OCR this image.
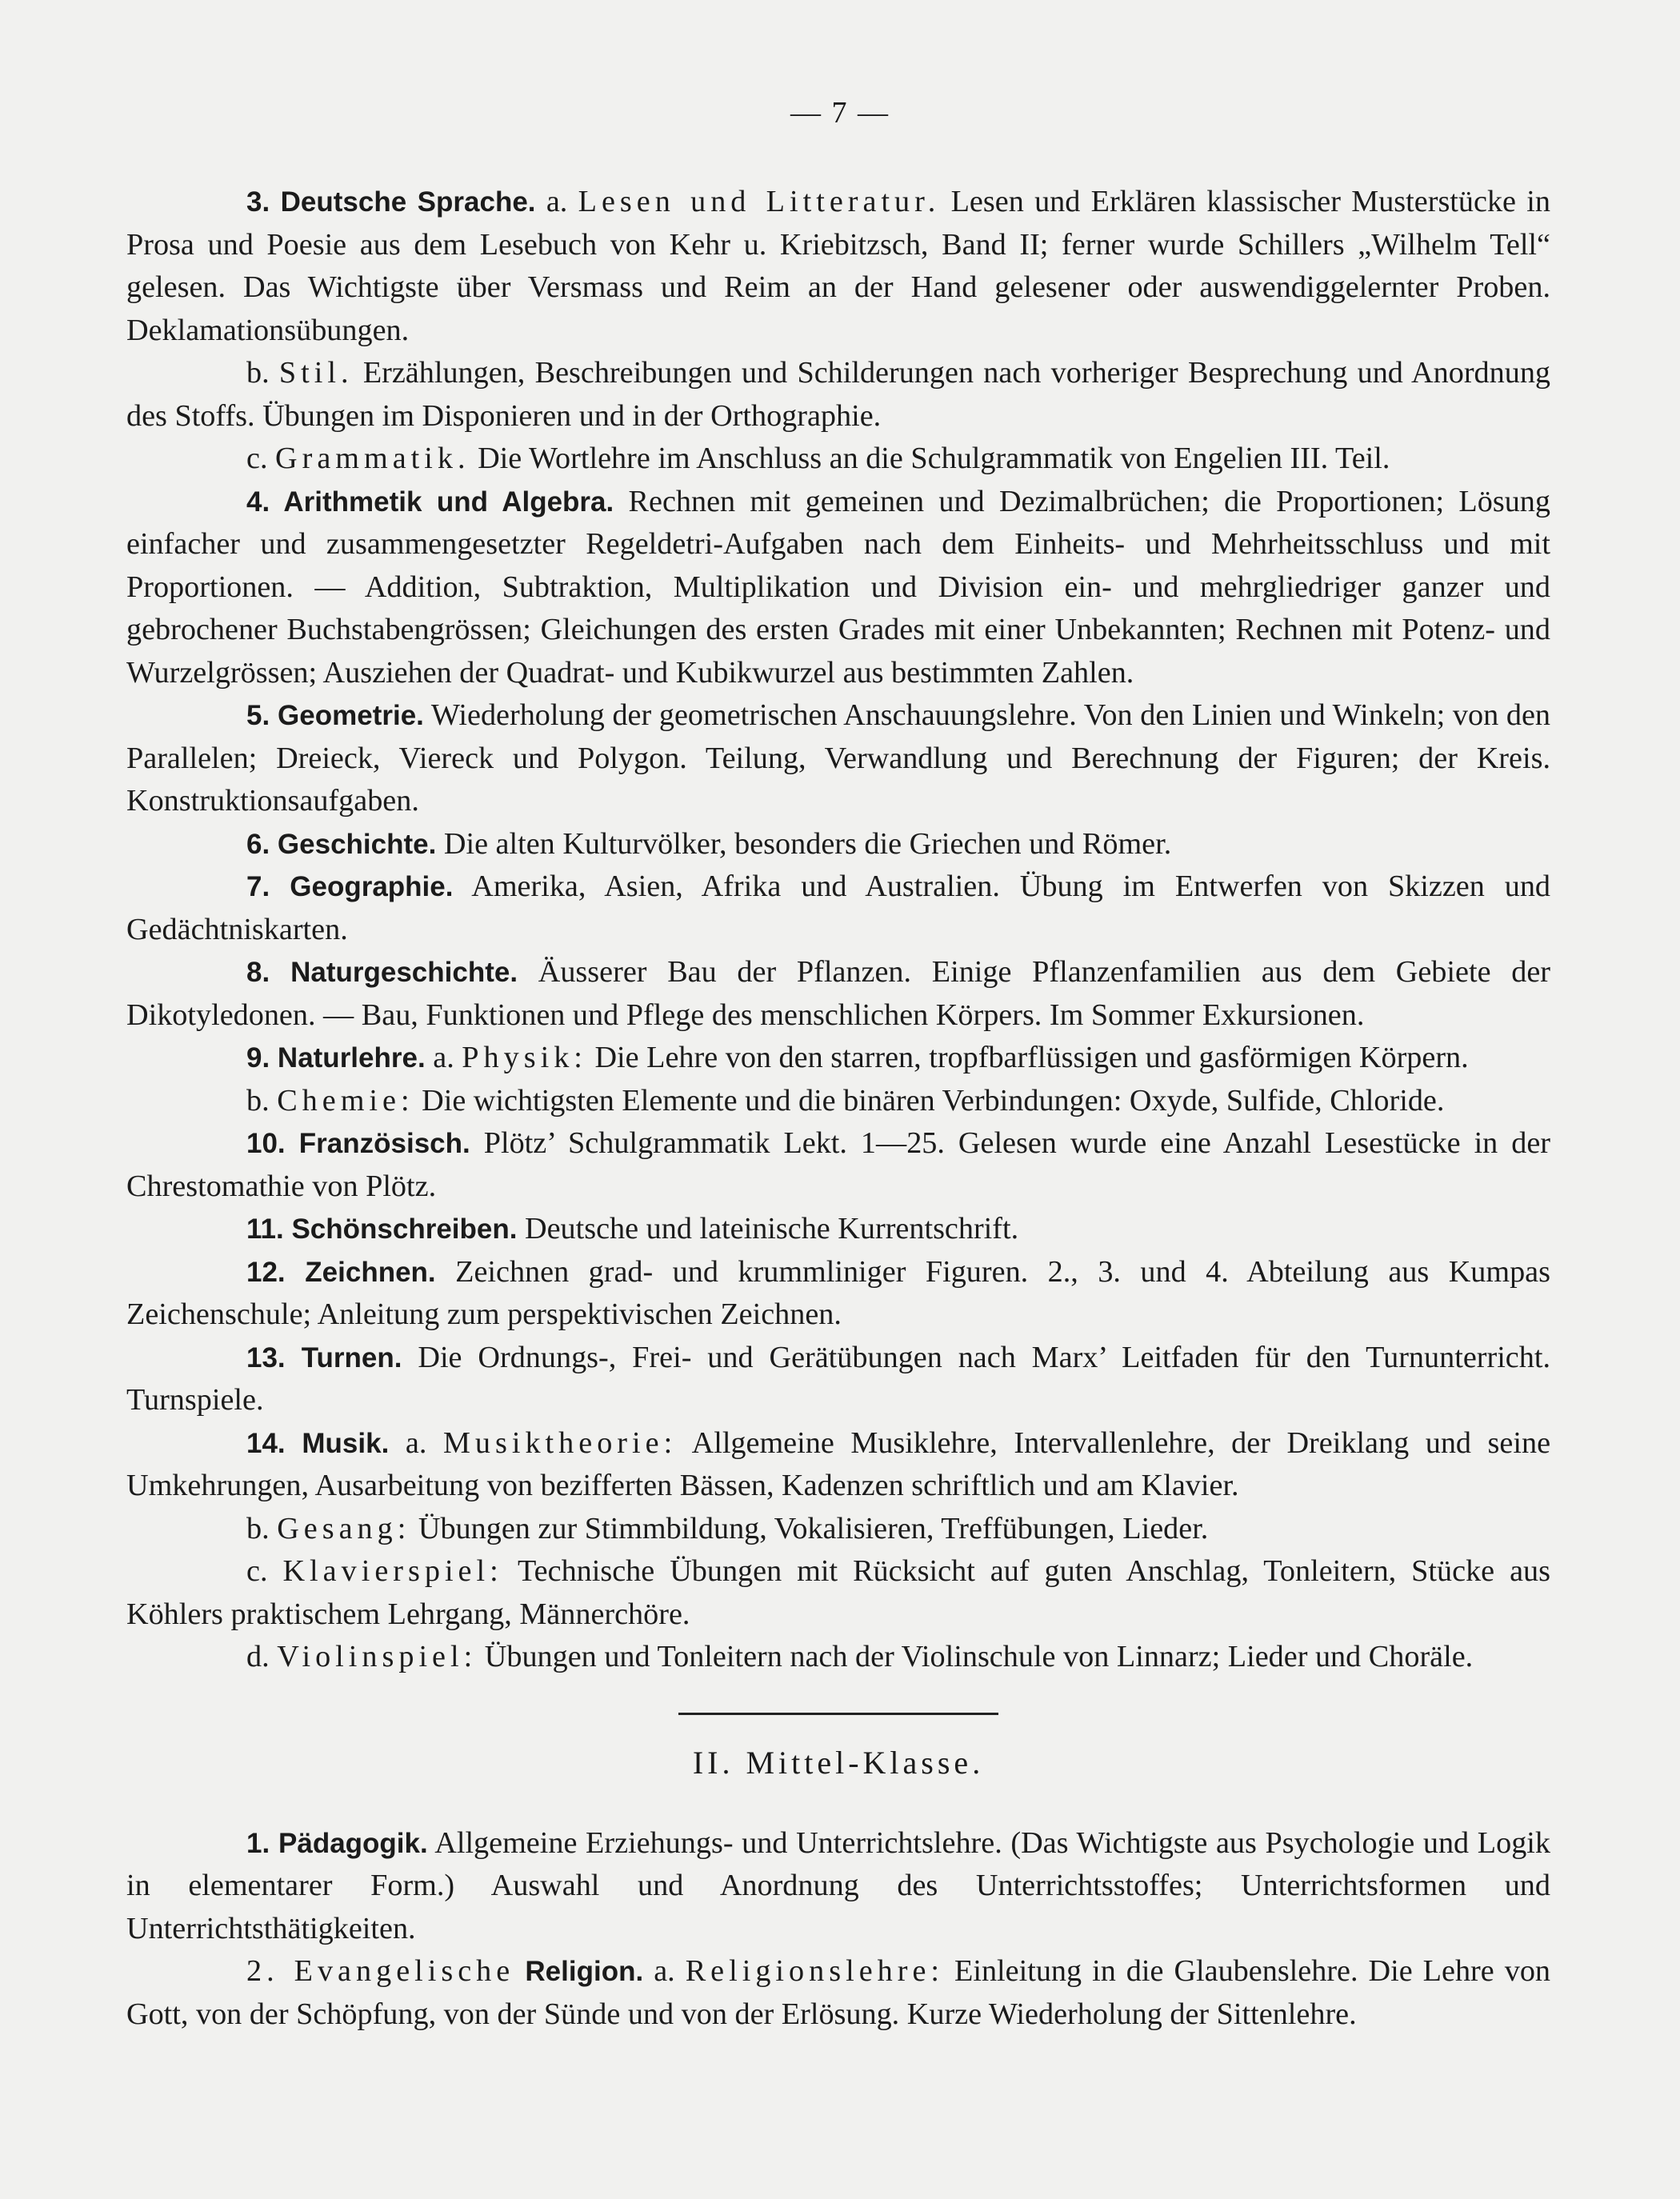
— 7 —

3. Deutsche Sprache. a. Lesen und Litteratur. Lesen und Erklären klassischer Musterstücke in Prosa und Poesie aus dem Lesebuch von Kehr u. Kriebitzsch, Band II; ferner wurde Schillers „Wilhelm Tell“ gelesen. Das Wichtigste über Versmass und Reim an der Hand gelesener oder auswendiggelernter Proben. Deklamationsübungen.

b. Stil. Erzählungen, Beschreibungen und Schilderungen nach vorheriger Besprechung und Anordnung des Stoffs. Übungen im Disponieren und in der Orthographie.

c. Grammatik. Die Wortlehre im Anschluss an die Schulgrammatik von Engelien III. Teil.

4. Arithmetik und Algebra. Rechnen mit gemeinen und Dezimalbrüchen; die Proportionen; Lösung einfacher und zusammengesetzter Regeldetri-Aufgaben nach dem Einheits- und Mehrheitsschluss und mit Proportionen. — Addition, Subtraktion, Multiplikation und Division ein- und mehrgliedriger ganzer und gebrochener Buchstabengrössen; Gleichungen des ersten Grades mit einer Unbekannten; Rechnen mit Potenz- und Wurzelgrössen; Ausziehen der Quadrat- und Kubikwurzel aus bestimmten Zahlen.

5. Geometrie. Wiederholung der geometrischen Anschauungslehre. Von den Linien und Winkeln; von den Parallelen; Dreieck, Viereck und Polygon. Teilung, Verwandlung und Berechnung der Figuren; der Kreis. Konstruktionsaufgaben.

6. Geschichte. Die alten Kulturvölker, besonders die Griechen und Römer.

7. Geographie. Amerika, Asien, Afrika und Australien. Übung im Entwerfen von Skizzen und Gedächtniskarten.

8. Naturgeschichte. Äusserer Bau der Pflanzen. Einige Pflanzenfamilien aus dem Gebiete der Dikotyledonen. — Bau, Funktionen und Pflege des menschlichen Körpers. Im Sommer Exkursionen.

9. Naturlehre. a. Physik: Die Lehre von den starren, tropfbarflüssigen und gasförmigen Körpern.

b. Chemie: Die wichtigsten Elemente und die binären Verbindungen: Oxyde, Sulfide, Chloride.

10. Französisch. Plötz’ Schulgrammatik Lekt. 1—25. Gelesen wurde eine Anzahl Lesestücke in der Chrestomathie von Plötz.

11. Schönschreiben. Deutsche und lateinische Kurrentschrift.

12. Zeichnen. Zeichnen grad- und krummliniger Figuren. 2., 3. und 4. Abteilung aus Kumpas Zeichenschule; Anleitung zum perspektivischen Zeichnen.

13. Turnen. Die Ordnungs-, Frei- und Gerätübungen nach Marx’ Leitfaden für den Turnunterricht. Turnspiele.

14. Musik. a. Musiktheorie: Allgemeine Musiklehre, Intervallenlehre, der Dreiklang und seine Umkehrungen, Ausarbeitung von bezifferten Bässen, Kadenzen schriftlich und am Klavier.

b. Gesang: Übungen zur Stimmbildung, Vokalisieren, Treffübungen, Lieder.

c. Klavierspiel: Technische Übungen mit Rücksicht auf guten Anschlag, Tonleitern, Stücke aus Köhlers praktischem Lehrgang, Männerchöre.

d. Violinspiel: Übungen und Tonleitern nach der Violinschule von Linnarz; Lieder und Choräle.

II. Mittel-Klasse.

1. Pädagogik. Allgemeine Erziehungs- und Unterrichtslehre. (Das Wichtigste aus Psychologie und Logik in elementarer Form.) Auswahl und Anordnung des Unterrichtsstoffes; Unterrichtsformen und Unterrichtsthätigkeiten.

2. Evangelische Religion. a. Religionslehre: Einleitung in die Glaubenslehre. Die Lehre von Gott, von der Schöpfung, von der Sünde und von der Erlösung. Kurze Wiederholung der Sittenlehre.
